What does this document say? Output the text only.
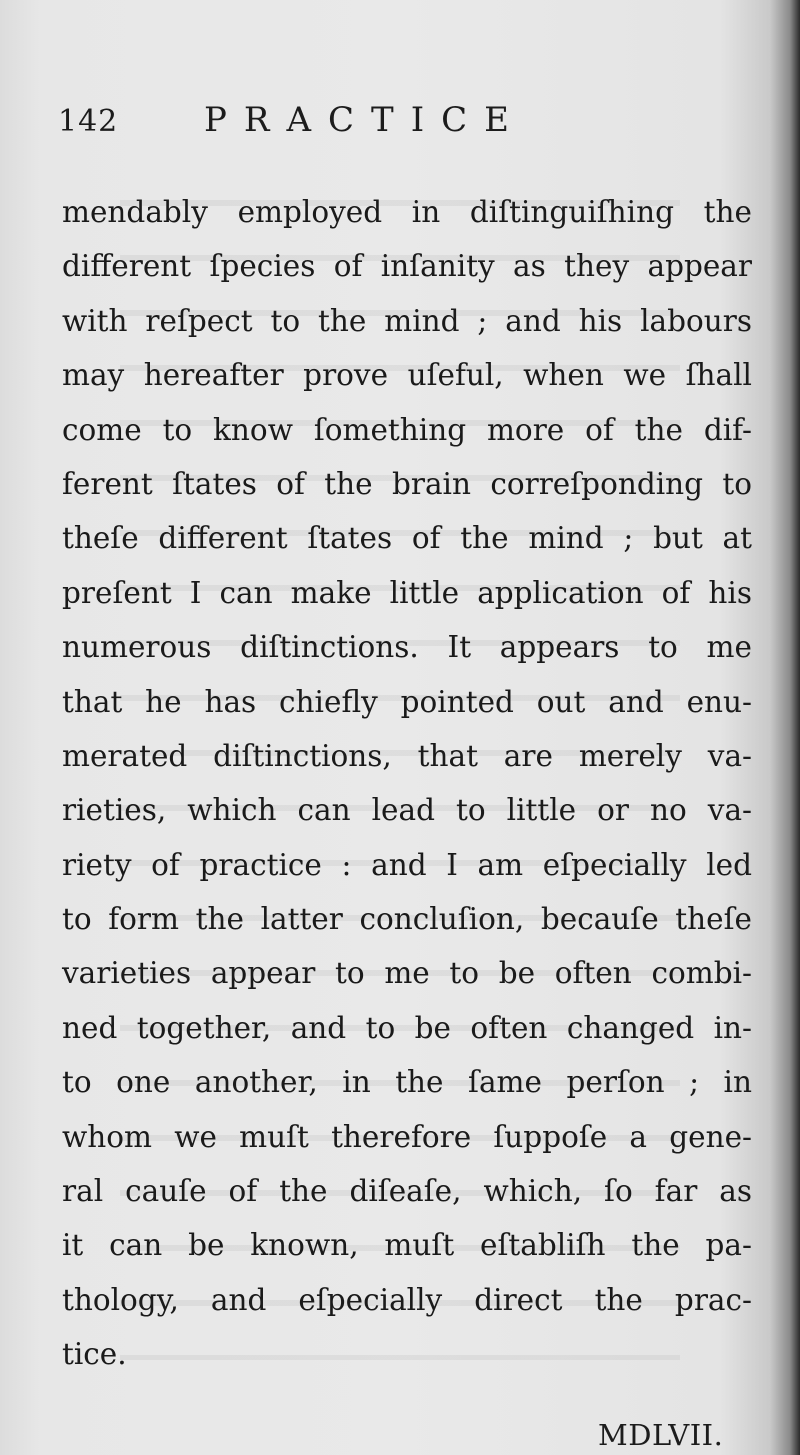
142	PRACTICE
mendably employed in diſtinguiſhing the
different ſpecies of inſanity as they appear
with reſpect to the mind ; and his labours
may hereafter prove uſeful, when we ſhall
come to know ſomething more of the dif-
ferent ſtates of the brain correſponding to
theſe different ſtates of the mind ; but at
preſent I can make little application of his
numerous diſtinctions. It appears to me
that he has chiefly pointed out and enu-
merated diſtinctions, that are merely va-
rieties, which can lead to little or no va-
riety of practice : and I am eſpecially led
to form the latter concluſion, becauſe theſe
varieties appear to me to be often combi-
ned together, and to be often changed in-
to one another, in the ſame perſon ; in
whom we muſt therefore ſuppoſe a gene-
ral cauſe of the diſeaſe, which, ſo far as
it can be known, muſt eſtabliſh the pa-
thology, and eſpecially direct the prac-
tice.
MDLVII.
